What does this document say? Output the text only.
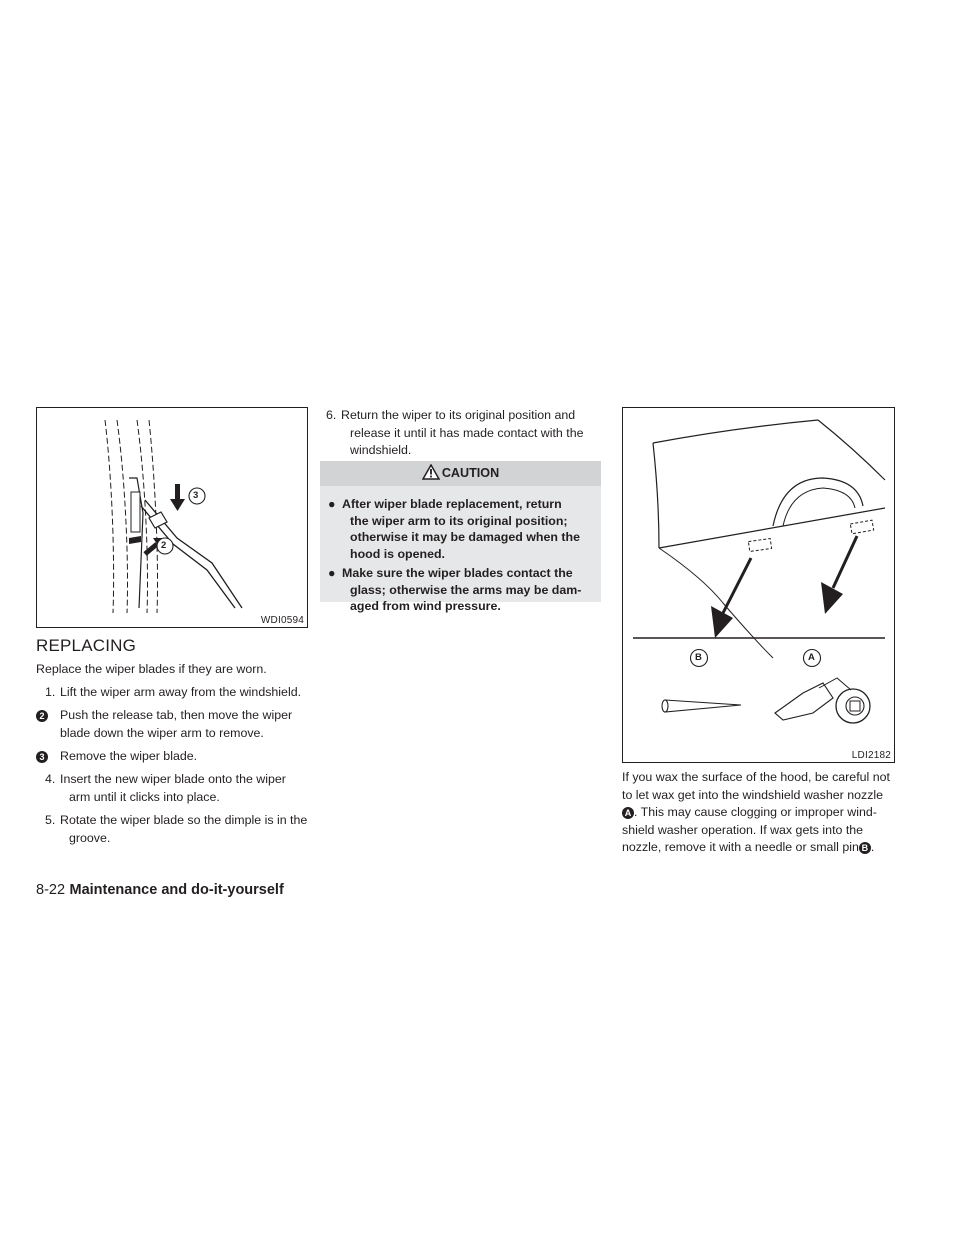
3
2
WDI0594
REPLACING
Replace the wiper blades if they are worn.
1. Lift the wiper arm away from the windshield.
2 Push the release tab, then move the wiper
blade down the wiper arm to remove.
3 Remove the wiper blade.
4. Insert the new wiper blade onto the wiper
arm until it clicks into place.
5. Rotate the wiper blade so the dimple is in the
groove.
6. Return the wiper to its original position and
release it until it has made contact with the
windshield.
CAUTION
● After wiper blade replacement, return
the wiper arm to its original position;
otherwise it may be damaged when the
hood is opened.
● Make sure the wiper blades contact the
glass; otherwise the arms may be dam-
aged from wind pressure.
B	A
LDI2182
If you wax the surface of the hood, be careful not
to let wax get into the windshield washer nozzle
A . This may cause clogging or improper wind-
shield washer operation. If wax gets into the
nozzle, remove it with a needle or small pin B .
8-22 Maintenance and do-it-yourself
